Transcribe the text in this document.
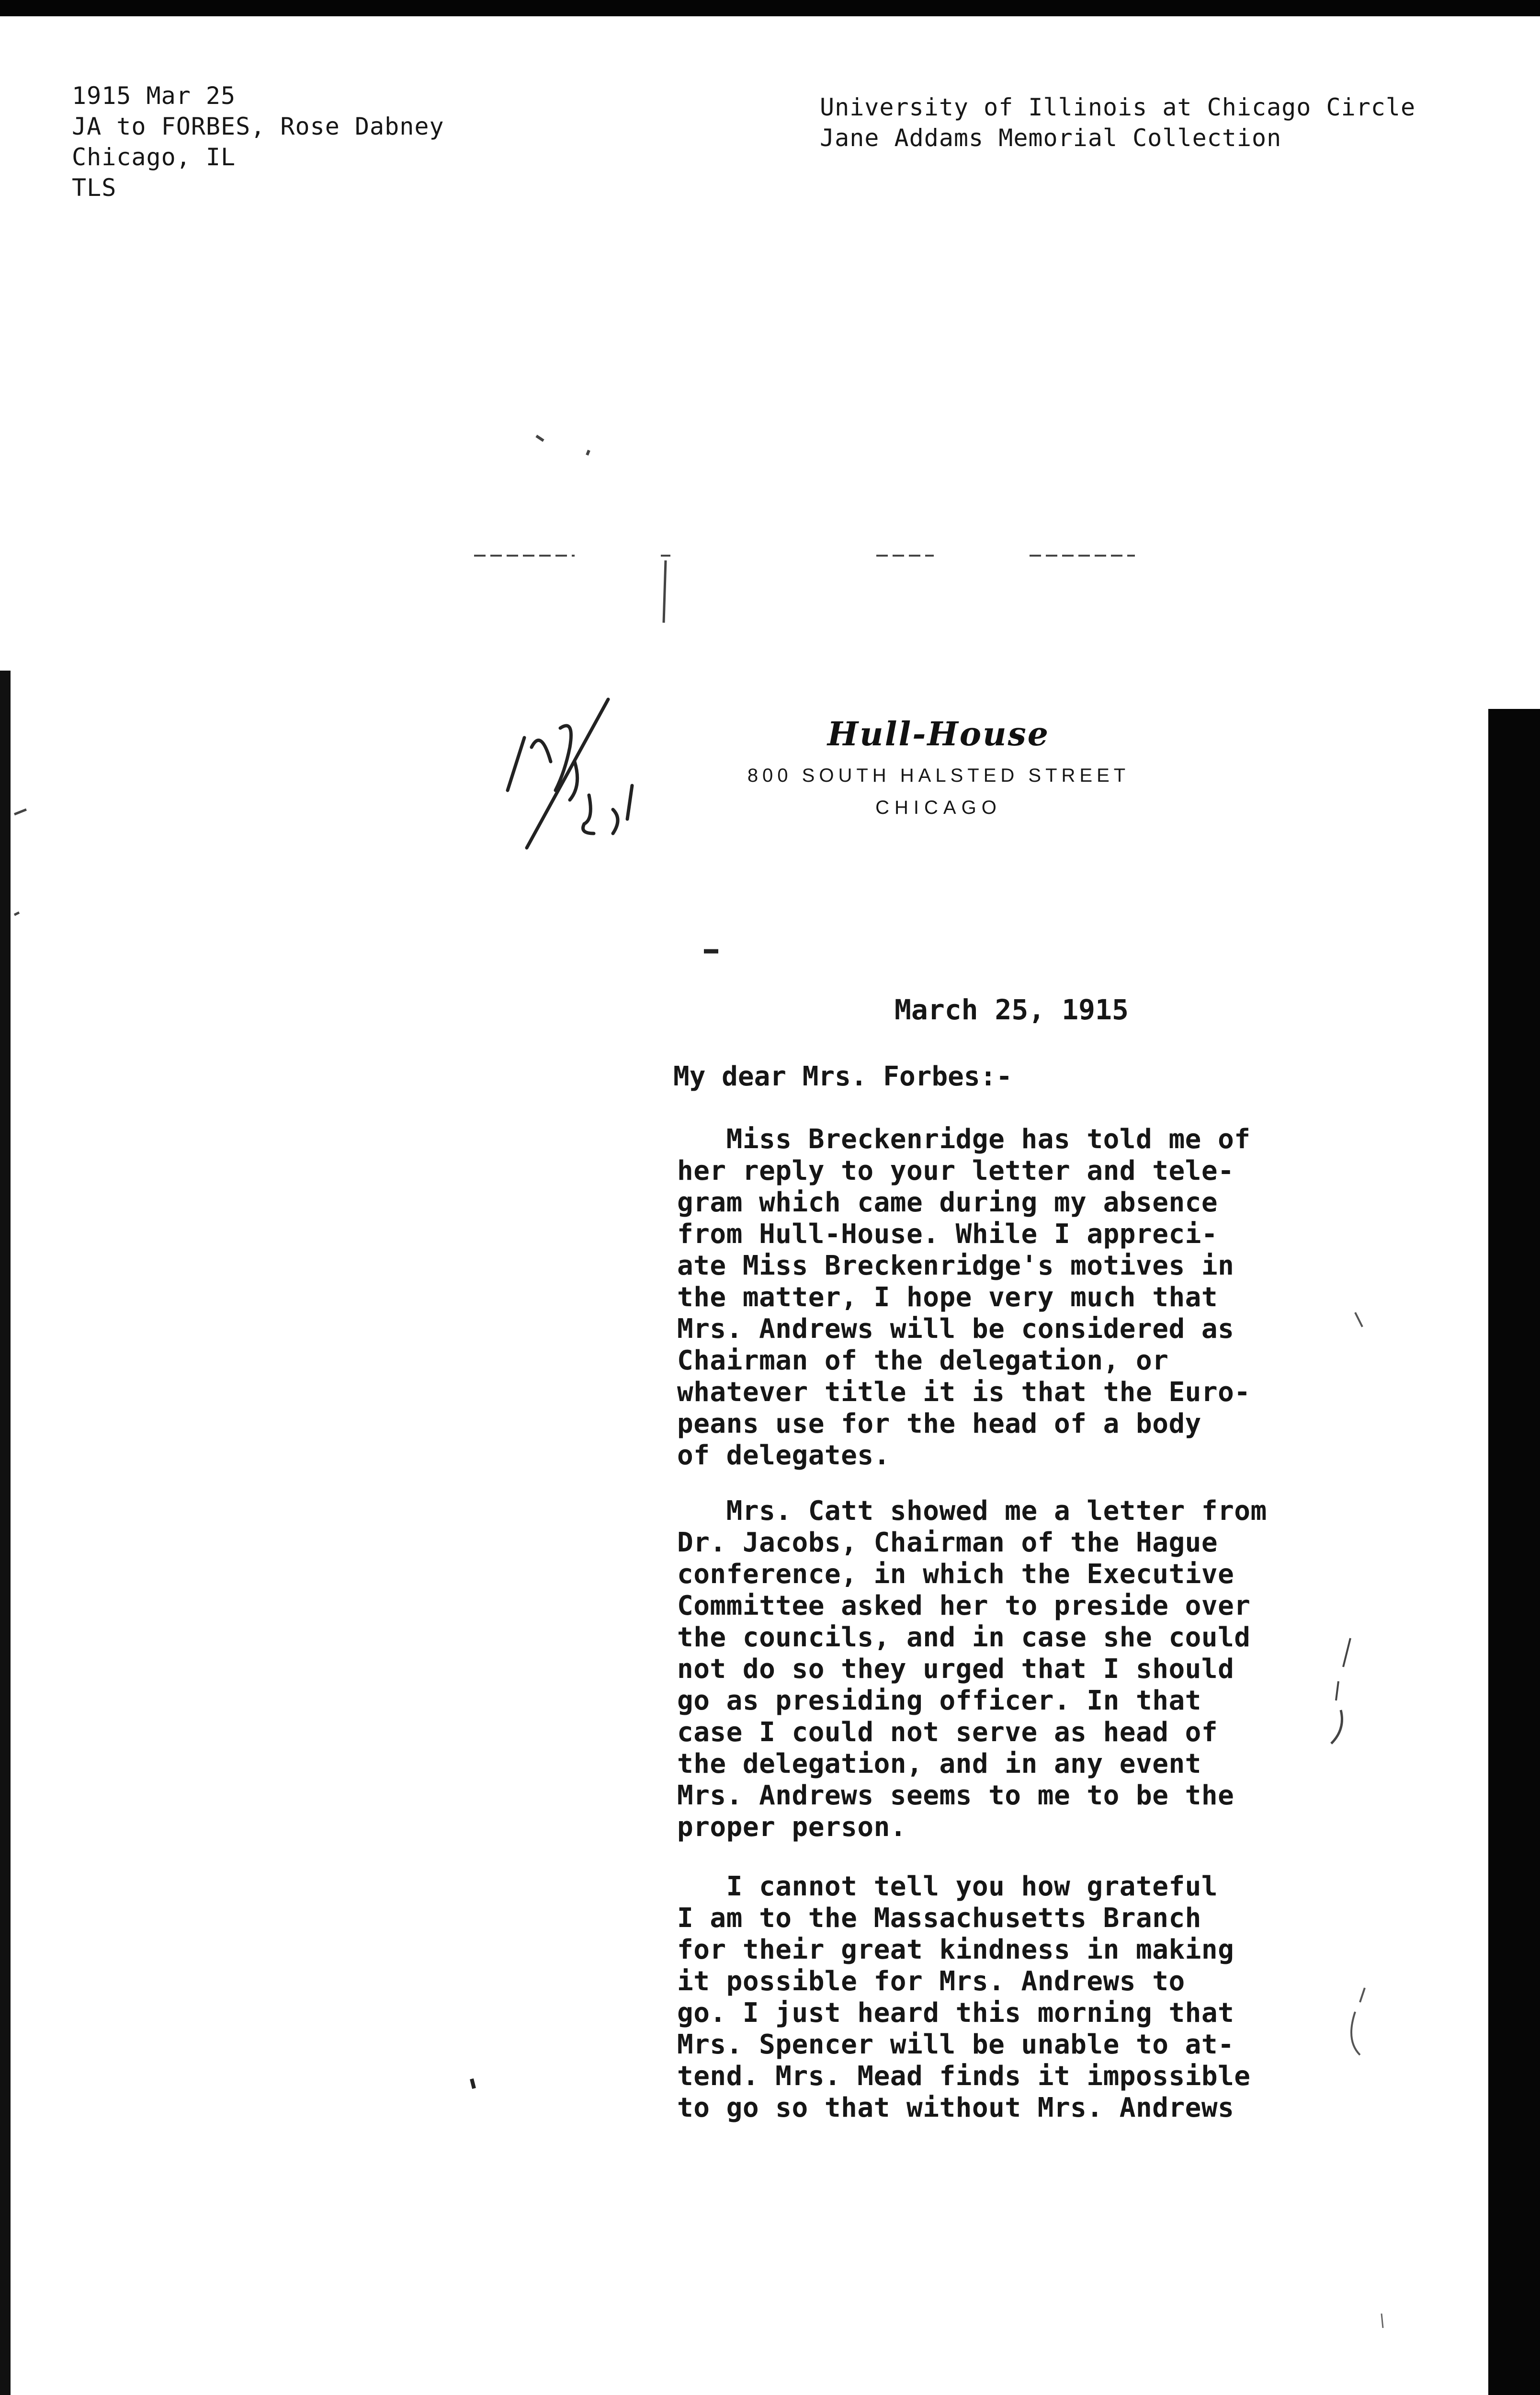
1915 Mar 25
JA to FORBES, Rose Dabney
Chicago, IL
TLS
University of Illinois at Chicago Circle
Jane Addams Memorial Collection
Hull-House
800 SOUTH HALSTED STREET
CHICAGO
March 25, 1915
My dear Mrs. Forbes:-
Miss Breckenridge has told me of
her reply to your letter and tele-
gram which came during my absence
from Hull-House. While I appreci-
ate Miss Breckenridge's motives in
the matter, I hope very much that
Mrs. Andrews will be considered as
Chairman of the delegation, or
whatever title it is that the Euro-
peans use for the head of a body
of delegates.
Mrs. Catt showed me a letter from
Dr. Jacobs, Chairman of the Hague
conference, in which the Executive
Committee asked her to preside over
the councils, and in case she could
not do so they urged that I should
go as presiding officer. In that
case I could not serve as head of
the delegation, and in any event
Mrs. Andrews seems to me to be the
proper person.
I cannot tell you how grateful
I am to the Massachusetts Branch
for their great kindness in making
it possible for Mrs. Andrews to
go. I just heard this morning that
Mrs. Spencer will be unable to at-
tend. Mrs. Mead finds it impossible
to go so that without Mrs. Andrews
